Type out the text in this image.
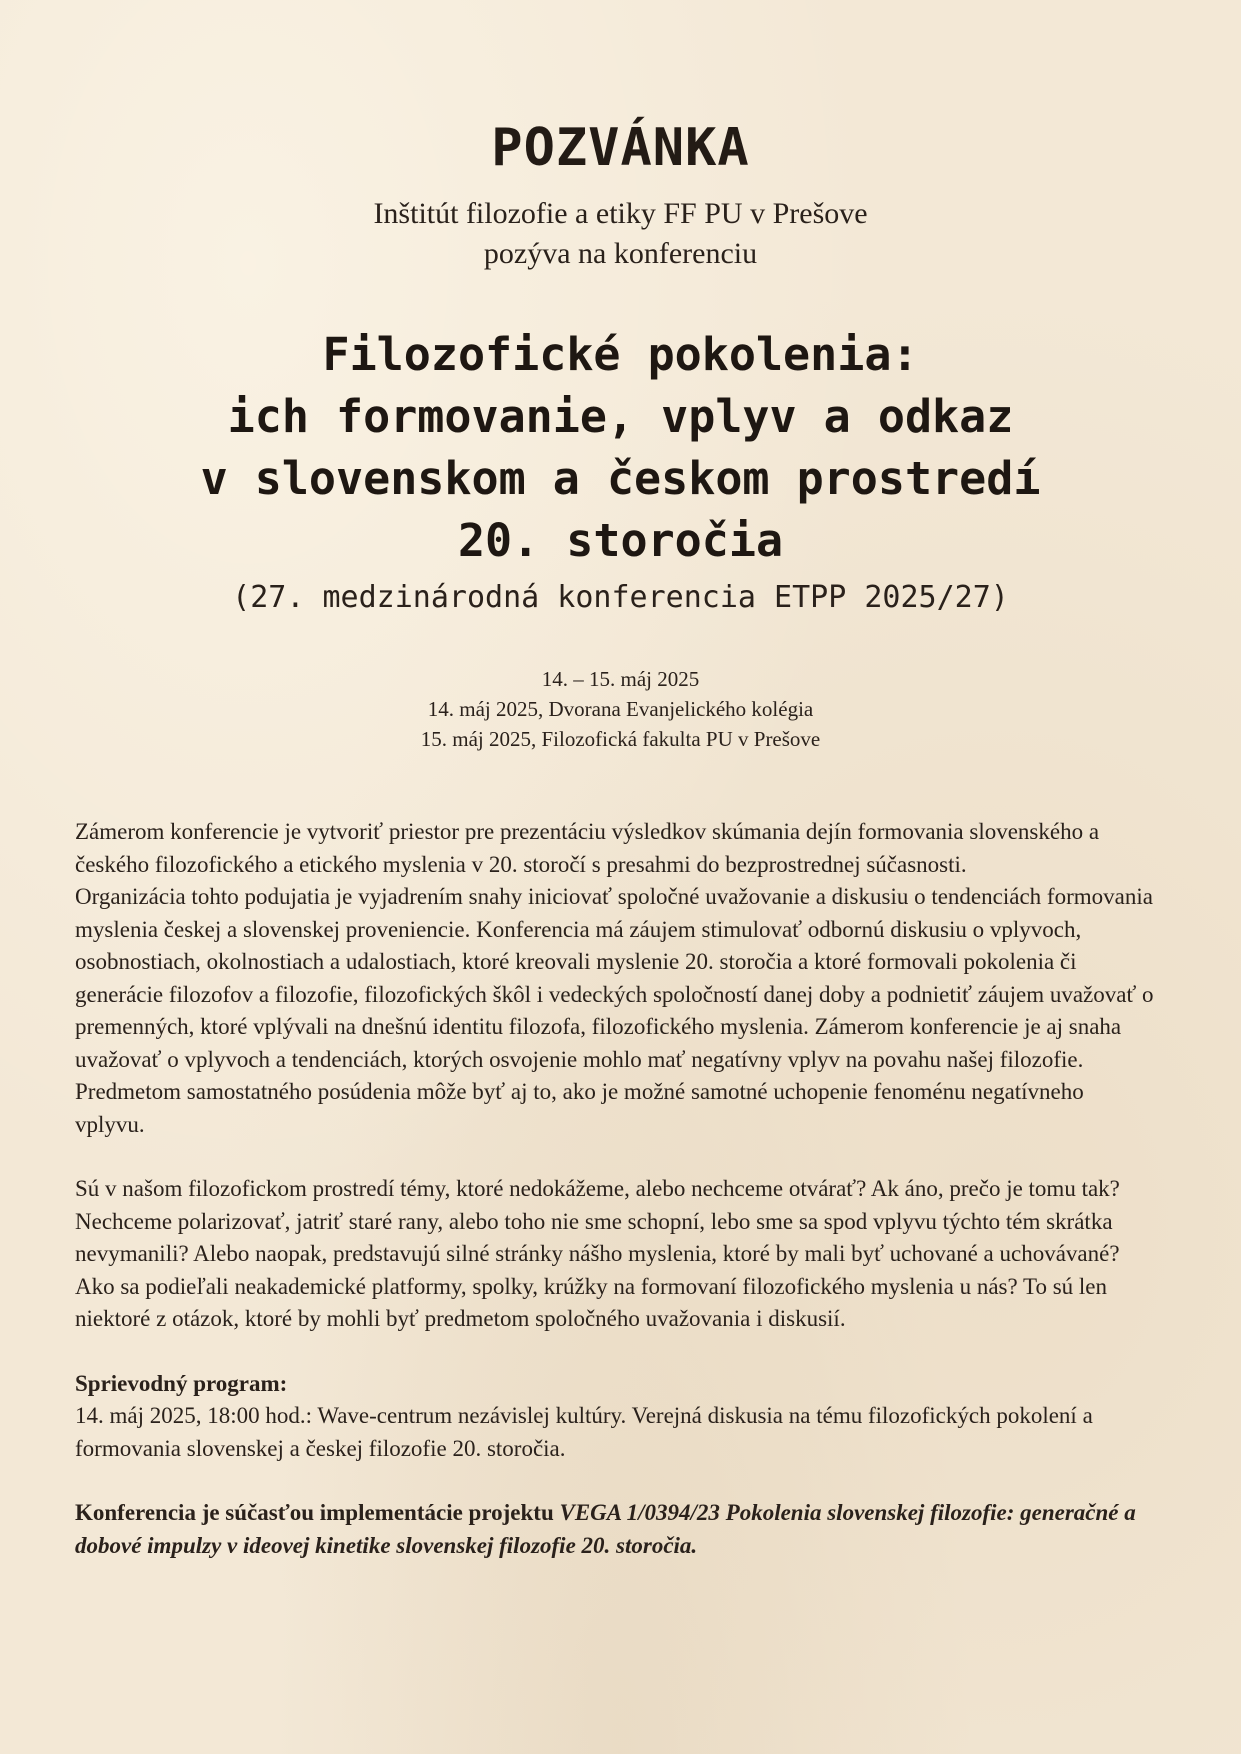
POZVÁNKA
Inštitút filozofie a etiky FF PU v Prešove
pozýva na konferenciu
Filozofické pokolenia:
ich formovanie, vplyv a odkaz
v slovenskom a českom prostredí
20. storočia
(27. medzinárodná konferencia ETPP 2025/27)
14. – 15. máj 2025
14. máj 2025, Dvorana Evanjelického kolégia
15. máj 2025, Filozofická fakulta PU v Prešove

Zámerom konferencie je vytvoriť priestor pre prezentáciu výsledkov skúmania dejín formovania slovenského a českého filozofického a etického myslenia v 20. storočí s presahmi do bezprostrednej súčasnosti.

Organizácia tohto podujatia je vyjadrením snahy iniciovať spoločné uvažovanie a diskusiu o tendenciách formovania myslenia českej a slovenskej proveniencie. Konferencia má záujem stimulovať odbornú diskusiu o vplyvoch, osobnostiach, okolnostiach a udalostiach, ktoré kreovali myslenie 20. storočia a ktoré formovali pokolenia či generácie filozofov a filozofie, filozofických škôl i vedeckých spoločností danej doby a podnietiť záujem uvažovať o premenných, ktoré vplývali na dnešnú identitu filozofa, filozofického myslenia. Zámerom konferencie je aj snaha uvažovať o vplyvoch a tendenciách, ktorých osvojenie mohlo mať negatívny vplyv na povahu našej filozofie. Predmetom samostatného posúdenia môže byť aj to, ako je možné samotné uchopenie fenoménu negatívneho vplyvu.

Sú v našom filozofickom prostredí témy, ktoré nedokážeme, alebo nechceme otvárať? Ak áno, prečo je tomu tak? Nechceme polarizovať, jatriť staré rany, alebo toho nie sme schopní, lebo sme sa spod vplyvu týchto tém skrátka nevymanili? Alebo naopak, predstavujú silné stránky nášho myslenia, ktoré by mali byť uchované a uchovávané? Ako sa podieľali neakademické platformy, spolky, krúžky na formovaní filozofického myslenia u nás? To sú len niektoré z otázok, ktoré by mohli byť predmetom spoločného uvažovania i diskusií.

Sprievodný program:

14. máj 2025, 18:00 hod.: Wave-centrum nezávislej kultúry. Verejná diskusia na tému filozofických pokolení a formovania slovenskej a českej filozofie 20. storočia.

Konferencia je súčasťou implementácie projektu VEGA 1/0394/23 Pokolenia slovenskej filozofie: generačné a dobové impulzy v ideovej kinetike slovenskej filozofie 20. storočia.
